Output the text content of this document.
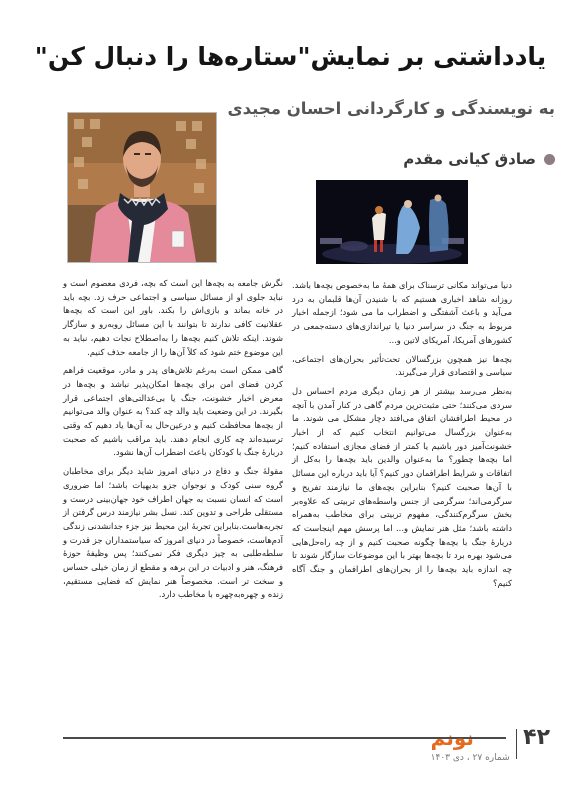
یادداشتی بر نمایش"ستاره‌ها را دنبال کن"
به نویسندگی و کارگردانی احسان مجیدی
صادق کیانی مقدم

دنیا می‌تواند مکانی ترسناک برای همهٔ ما به‌خصوص بچه‌ها باشد. روزانه شاهد اخباری هستیم که با شنیدن آن‌ها قلبمان به درد می‌آید و باعث آشفتگی و اضطراب ما می شود؛ ازجمله اخبار مربوط به جنگ در سراسر دنیا یا تیراندازی‌های دسته‌جمعی در کشورهای آمریکا، آمریکای لاتین و...

بچه‌ها نیز همچون بزرگسالان تحت‌تأثیر بحران‌های اجتماعی، سیاسی و اقتصادی قرار می‌گیرند.

به‌نظر می‌رسد بیشتر از هر زمان دیگری مردم احساس دل سردی می‌کنند؛ حتی مثبت‌ترین مردم گاهی در کنار آمدن با آنچه در محیط اطرافشان اتفاق می‌افتد دچار مشکل می شوند. ما به‌عنوان بزرگسال می‌توانیم انتخاب کنیم که از اخبار خشونت‌آمیز دور باشیم یا کمتر از فضای مجازی استفاده کنیم؛ اما بچه‌ها چطور؟ ما به‌عنوان والدین باید بچه‌ها را به‌کل از اتفاقات و شرایط اطرافمان دور کنیم؟ آیا باید درباره این مسائل با آن‌ها صحبت کنیم؟ بنابراین بچه‌های ما نیازمند تفریح و سرگرمی‌اند؛ سرگرمی از جنس واسطه‌های تربیتی که علاوه‌بر بخش سرگرم‌کنندگی، مفهوم تربیتی برای مخاطب به‌همراه داشته باشد؛ مثل هنر نمایش و... اما پرسش مهم اینجاست که دربارهٔ جنگ با بچه‌ها چگونه صحبت کنیم و از چه راه‌حل‌هایی می‌شود بهره برد تا بچه‌ها بهتر با این موضوعات سازگار شوند تا چه اندازه باید بچه‌ها را از بحران‌های اطرافمان و جنگ آگاه کنیم؟

نگرش جامعه به بچه‌ها این است که بچه، فردی معصوم است و نباید جلوی او از مسائل سیاسی و اجتماعی حرف زد. بچه باید در خانه بماند و بازی‌اش را بکند. باور این است که بچه‌ها عقلانیت کافی ندارند تا بتوانند با این مسائل روبه‌رو و سازگار شوند. اینکه تلاش کنیم بچه‌ها را به‌اصطلاح نجات دهیم، نباید به این موضوع ختم شود که کلاً آن‌ها را از جامعه حذف کنیم.

گاهی ممکن است به‌رغم تلاش‌های پدر و مادر، موقعیت فراهم کردن فضای امن برای بچه‌ها امکان‌پذیر نباشد و بچه‌ها در معرض اخبار خشونت، جنگ یا بی‌عدالتی‌های اجتماعی قرار بگیرند. در این وضعیت باید والد چه کند؟ به عنوان والد می‌توانیم از بچه‌ها محافظت کنیم و درعین‌حال به آن‌ها یاد دهیم که وقتی ترسیده‌اند چه کاری انجام دهند. باید مراقب باشیم که صحبت دربارهٔ جنگ با کودکان باعث اضطراب آن‌ها نشود.

مقولهٔ جنگ و دفاع در دنیای امروز شاید دیگر برای مخاطبان گروه سنی کودک و نوجوان جزو بدیهیات باشد؛ اما ضروری است که انسان نسبت به جهان اطراف خود جهان‌بینی درست و مستقلی طراحی و تدوین کند. نسل بشر نیازمند درس گرفتن از تجربه‌هاست.بنابراین تجربهٔ این محیط نیز جزء جدانشدنی زندگی آدم‌هاست، خصوصاً در دنیای امروز که سیاستمداران جز قدرت و سلطه‌طلبی به چیز دیگری فکر نمی‌کنند؛ پس وظیفهٔ حوزهٔ فرهنگ، هنر و ادبیات در این برهه و مقطع از زمان خیلی حساس و سخت تر است. مخصوصاً هنر نمایش که فضایی مستقیم، زنده و چهره‌به‌چهره با مخاطب دارد.

۴۲
نونم
شماره ۲۷ ، دی ۱۴۰۳
